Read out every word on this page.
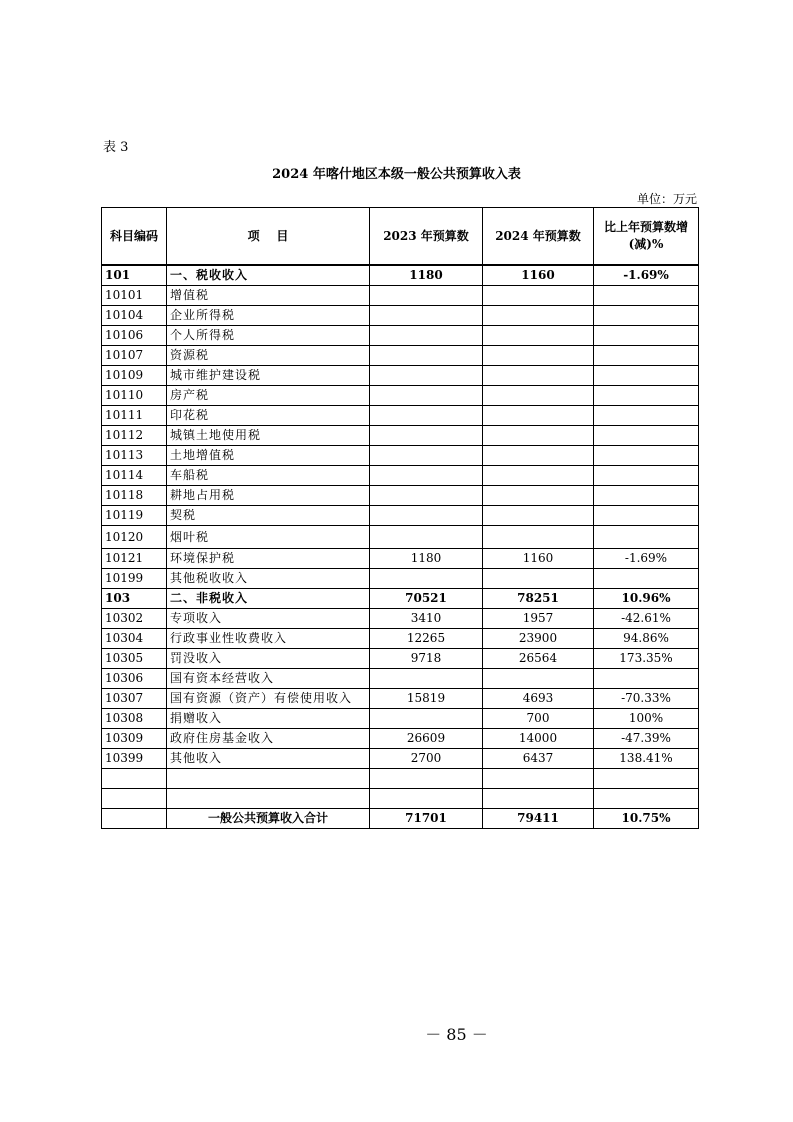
表 3
2024 年喀什地区本级一般公共预算收入表
单位：万元
科目编码	项    目	2023 年预算数	2024 年预算数	比上年预算数增(减)%
101	一、税收收入	1180	1160	-1.69%
10101	增值税			
10104	企业所得税			
10106	个人所得税			
10107	资源税			
10109	城市维护建设税			
10110	房产税			
10111	印花税			
10112	城镇土地使用税			
10113	土地增值税			
10114	车船税			
10118	耕地占用税			
10119	契税			
10120	烟叶税			
10121	环境保护税	1180	1160	-1.69%
10199	其他税收收入			
103	二、非税收入	70521	78251	10.96%
10302	专项收入	3410	1957	-42.61%
10304	行政事业性收费收入	12265	23900	94.86%
10305	罚没收入	9718	26564	173.35%
10306	国有资本经营收入			
10307	国有资源（资产）有偿使用收入	15819	4693	-70.33%
10308	捐赠收入		700	100%
10309	政府住房基金收入	26609	14000	-47.39%
10399	其他收入	2700	6437	138.41%

	一般公共预算收入合计	71701	79411	10.75%
－ 85 －
